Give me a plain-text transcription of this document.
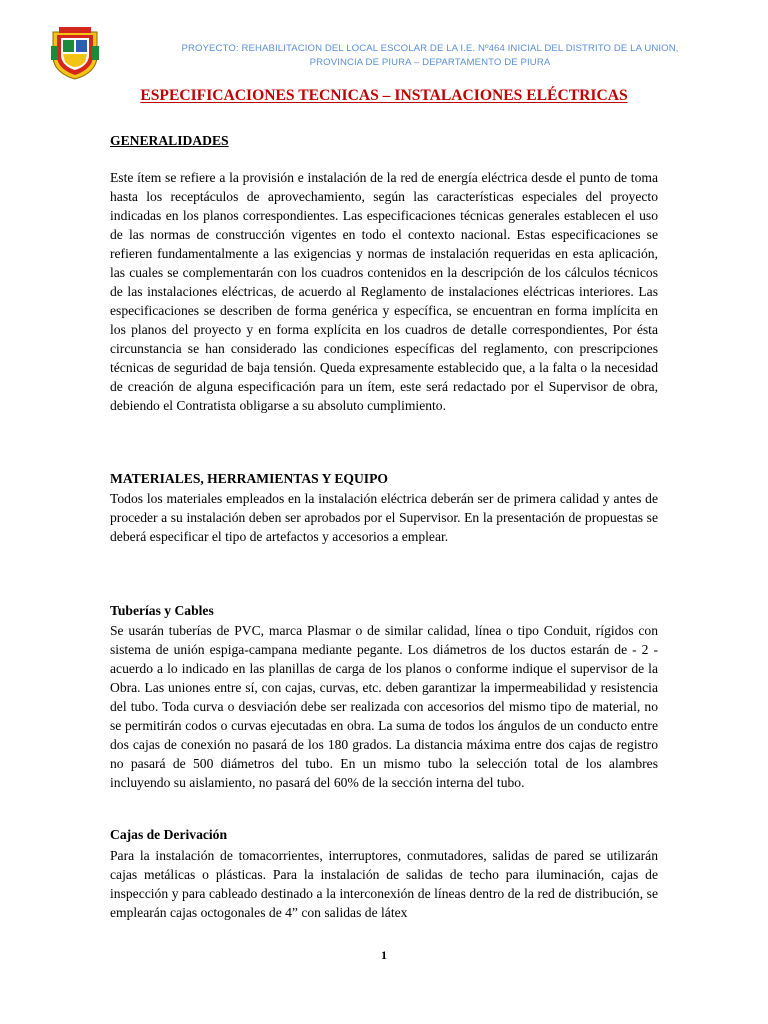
PROYECTO: REHABILITACION DEL LOCAL ESCOLAR DE LA I.E. Nº464 INICIAL DEL DISTRITO DE LA UNION,
PROVINCIA DE PIURA – DEPARTAMENTO DE PIURA
ESPECIFICACIONES TECNICAS – INSTALACIONES ELÉCTRICAS
GENERALIDADES

Este ítem se refiere a la provisión e instalación de la red de energía eléctrica desde el punto de toma hasta los receptáculos de aprovechamiento, según las características especiales del proyecto indicadas en los planos correspondientes. Las especificaciones técnicas generales establecen el uso de las normas de construcción vigentes en todo el contexto nacional. Estas especificaciones se refieren fundamentalmente a las exigencias y normas de instalación requeridas en esta aplicación, las cuales se complementarán con los cuadros contenidos en la descripción de los cálculos técnicos de las instalaciones eléctricas, de acuerdo al Reglamento de instalaciones eléctricas interiores. Las especificaciones se describen de forma genérica y específica, se encuentran en forma implícita en los planos del proyecto y en forma explícita en los cuadros de detalle correspondientes, Por ésta circunstancia se han considerado las condiciones específicas del reglamento, con prescripciones técnicas de seguridad de baja tensión. Queda expresamente establecido que, a la falta o la necesidad de creación de alguna especificación para un ítem, este será redactado por el Supervisor de obra, debiendo el Contratista obligarse a su absoluto cumplimiento.

MATERIALES, HERRAMIENTAS Y EQUIPO

Todos los materiales empleados en la instalación eléctrica deberán ser de primera calidad y antes de proceder a su instalación deben ser aprobados por el Supervisor. En la presentación de propuestas se deberá especificar el tipo de artefactos y accesorios a emplear.

Tuberías y Cables

Se usarán tuberías de PVC, marca Plasmar o de similar calidad, línea o tipo Conduit, rígidos con sistema de unión espiga-campana mediante pegante. Los diámetros de los ductos estarán de - 2 - acuerdo a lo indicado en las planillas de carga de los planos o conforme indique el supervisor de la Obra. Las uniones entre sí, con cajas, curvas, etc. deben garantizar la impermeabilidad y resistencia del tubo. Toda curva o desviación debe ser realizada con accesorios del mismo tipo de material, no se permitirán codos o curvas ejecutadas en obra. La suma de todos los ángulos de un conducto entre dos cajas de conexión no pasará de los 180 grados. La distancia máxima entre dos cajas de registro no pasará de 500 diámetros del tubo. En un mismo tubo la selección total de los alambres incluyendo su aislamiento, no pasará del 60% de la sección interna del tubo.

Cajas de Derivación

Para la instalación de tomacorrientes, interruptores, conmutadores, salidas de pared se utilizarán cajas metálicas o plásticas. Para la instalación de salidas de techo para iluminación, cajas de inspección y para cableado destinado a la interconexión de líneas dentro de la red de distribución, se emplearán cajas octogonales de 4” con salidas de látex

1
